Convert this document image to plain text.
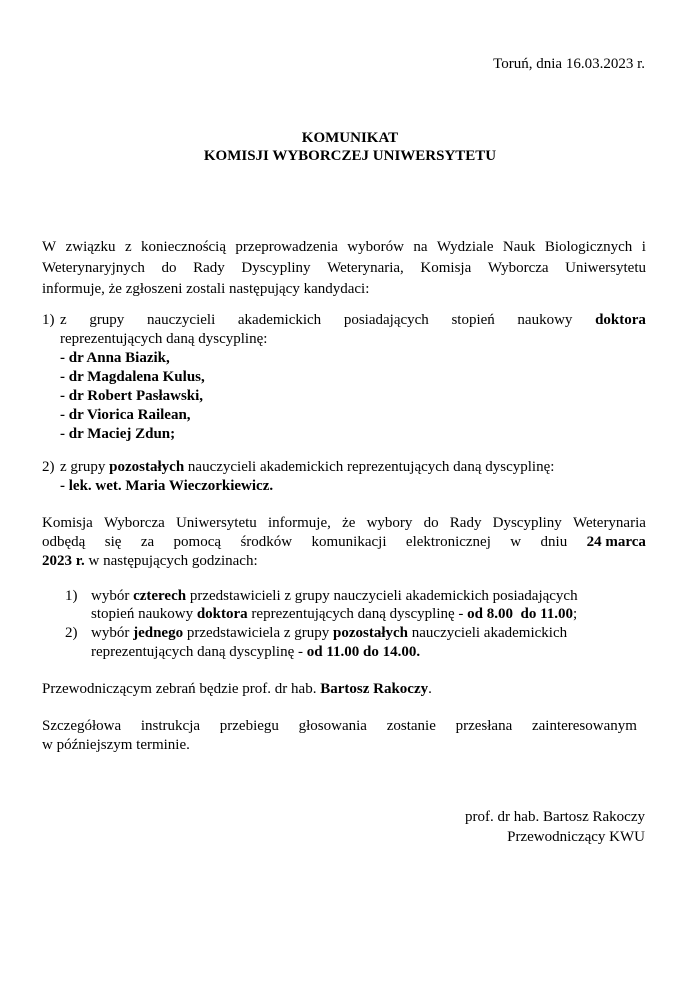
Toruń, dnia 16.03.2023 r.
KOMUNIKAT
KOMISJI WYBORCZEJ UNIWERSYTETU
W związku z koniecznością przeprowadzenia wyborów na Wydziale Nauk Biologicznych i
Weterynaryjnych do Rady Dyscypliny Weterynaria, Komisja Wyborcza Uniwersytetu
informuje, że zgłoszeni zostali następujący kandydaci:
1) z grupy nauczycieli akademickich posiadających stopień naukowy doktora
reprezentujących daną dyscyplinę:
- dr Anna Biazik,
- dr Magdalena Kulus,
- dr Robert Pasławski,
- dr Viorica Railean,
- dr Maciej Zdun;
2) z grupy pozostałych nauczycieli akademickich reprezentujących daną dyscyplinę:
- lek. wet. Maria Wieczorkiewicz.
Komisja Wyborcza Uniwersytetu informuje, że wybory do Rady Dyscypliny Weterynaria
odbędą się za pomocą środków komunikacji elektronicznej w dniu 24 marca
2023 r. w następujących godzinach:
1) wybór czterech przedstawicieli z grupy nauczycieli akademickich posiadających
stopień naukowy doktora reprezentujących daną dyscyplinę - od 8.00  do 11.00;
2) wybór jednego przedstawiciela z grupy pozostałych nauczycieli akademickich
reprezentujących daną dyscyplinę - od 11.00 do 14.00.
Przewodniczącym zebrań będzie prof. dr hab. Bartosz Rakoczy.
Szczegółowa instrukcja przebiegu głosowania zostanie przesłana zainteresowanym
w późniejszym terminie.
prof. dr hab. Bartosz Rakoczy
Przewodniczący KWU
